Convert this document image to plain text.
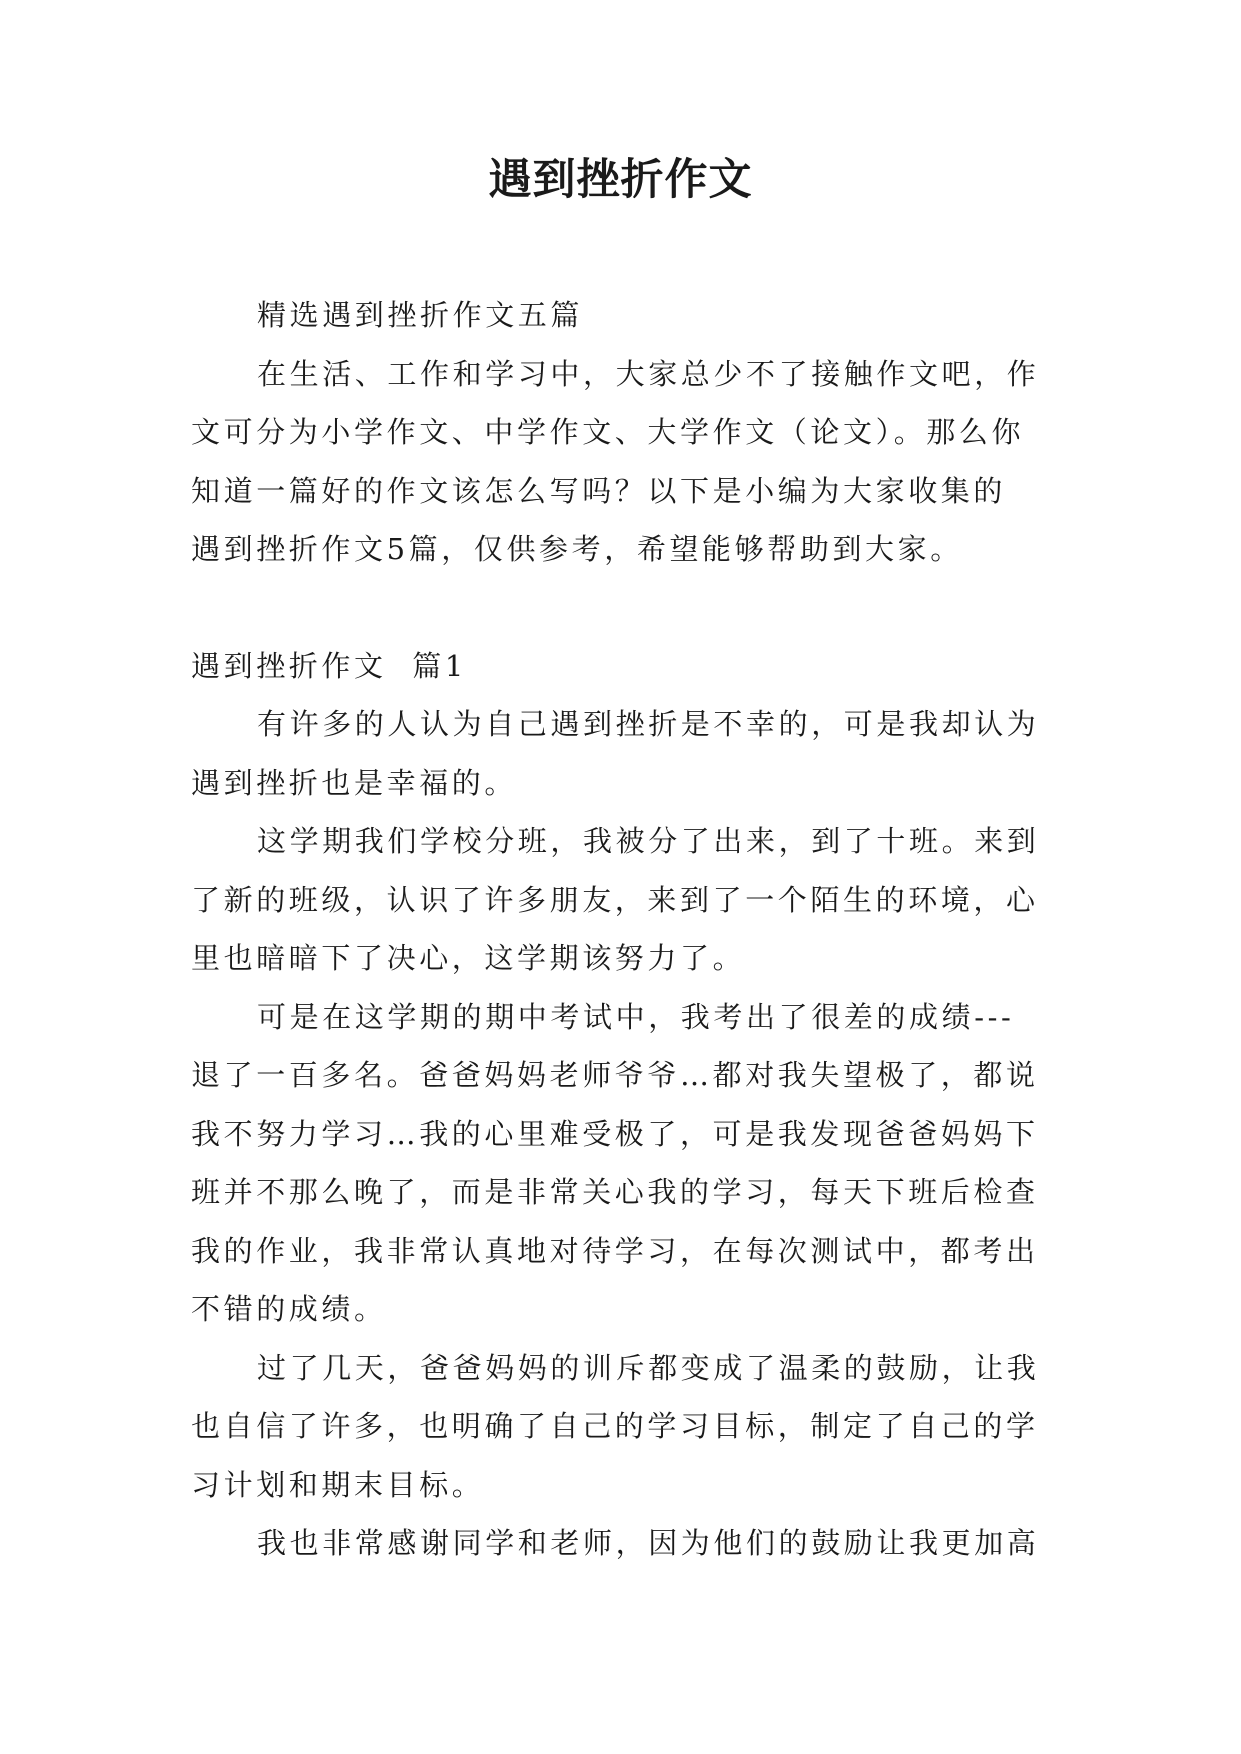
遇到挫折作文
精选遇到挫折作文五篇
在生活、工作和学习中，大家总少不了接触作文吧，作
文可分为小学作文、中学作文、大学作文（论文）。那么你
知道一篇好的作文该怎么写吗？以下是小编为大家收集的
遇到挫折作文5篇，仅供参考，希望能够帮助到大家。
遇到挫折作文  篇1
有许多的人认为自己遇到挫折是不幸的，可是我却认为
遇到挫折也是幸福的。
这学期我们学校分班，我被分了出来，到了十班。来到
了新的班级，认识了许多朋友，来到了一个陌生的环境，心
里也暗暗下了决心，这学期该努力了。
可是在这学期的期中考试中，我考出了很差的成绩---
退了一百多名。爸爸妈妈老师爷爷…都对我失望极了，都说
我不努力学习…我的心里难受极了，可是我发现爸爸妈妈下
班并不那么晚了，而是非常关心我的学习，每天下班后检查
我的作业，我非常认真地对待学习，在每次测试中，都考出
不错的成绩。
过了几天，爸爸妈妈的训斥都变成了温柔的鼓励，让我
也自信了许多，也明确了自己的学习目标，制定了自己的学
习计划和期末目标。
我也非常感谢同学和老师，因为他们的鼓励让我更加高
